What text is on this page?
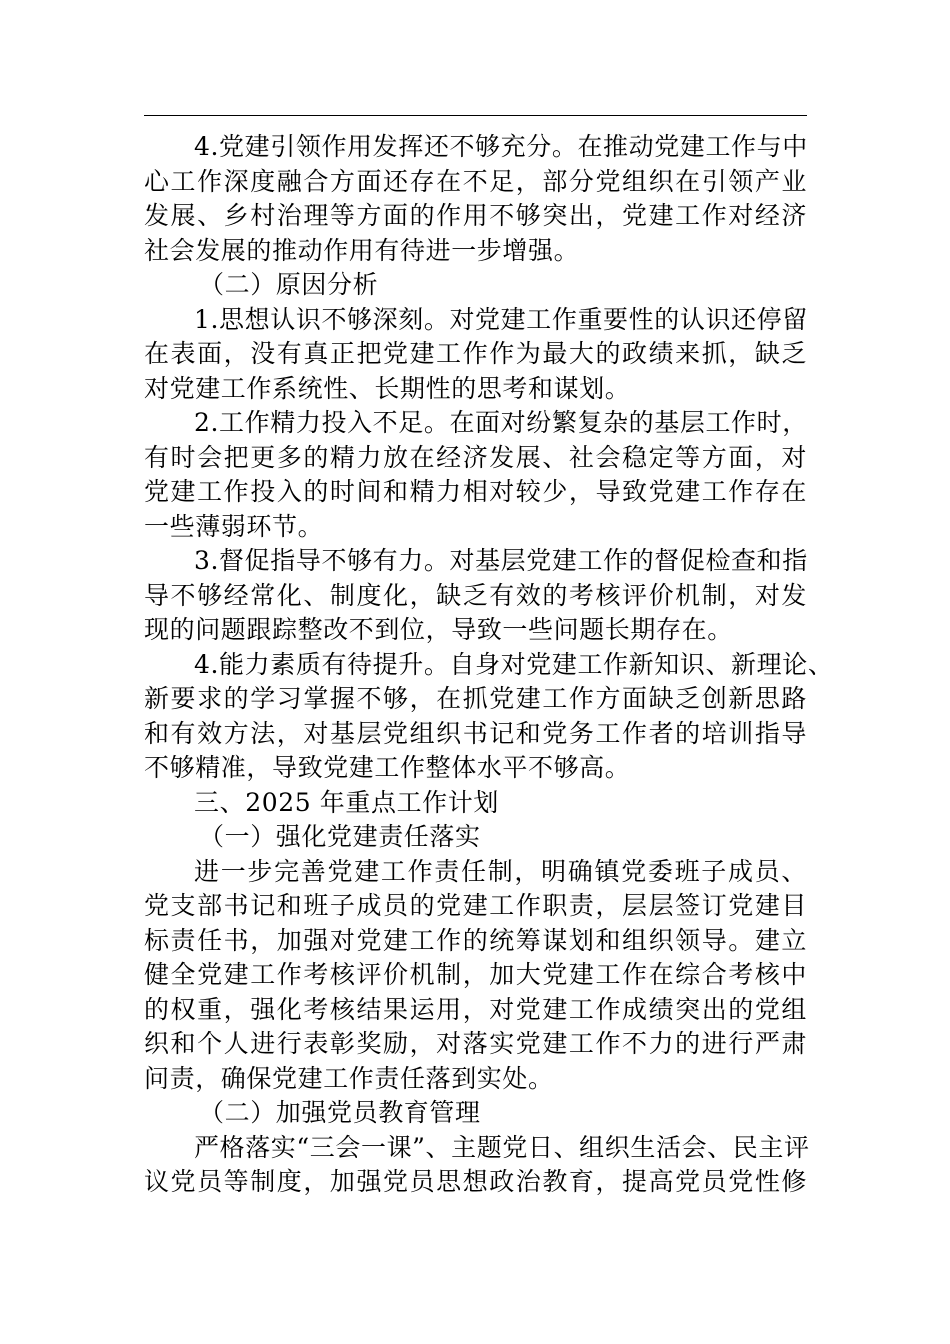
4.党建引领作用发挥还不够充分。在推动党建工作与中
心工作深度融合方面还存在不足，部分党组织在引领产业
发展、乡村治理等方面的作用不够突出，党建工作对经济
社会发展的推动作用有待进一步增强。

（二）原因分析

1.思想认识不够深刻。对党建工作重要性的认识还停留
在表面，没有真正把党建工作作为最大的政绩来抓，缺乏
对党建工作系统性、长期性的思考和谋划。

2.工作精力投入不足。在面对纷繁复杂的基层工作时，
有时会把更多的精力放在经济发展、社会稳定等方面，对
党建工作投入的时间和精力相对较少，导致党建工作存在
一些薄弱环节。

3.督促指导不够有力。对基层党建工作的督促检查和指
导不够经常化、制度化，缺乏有效的考核评价机制，对发
现的问题跟踪整改不到位，导致一些问题长期存在。

4.能力素质有待提升。自身对党建工作新知识、新理论、
新要求的学习掌握不够，在抓党建工作方面缺乏创新思路
和有效方法，对基层党组织书记和党务工作者的培训指导
不够精准，导致党建工作整体水平不够高。

三、2025 年重点工作计划

（一）强化党建责任落实

进一步完善党建工作责任制，明确镇党委班子成员、
党支部书记和班子成员的党建工作职责，层层签订党建目
标责任书，加强对党建工作的统筹谋划和组织领导。建立
健全党建工作考核评价机制，加大党建工作在综合考核中
的权重，强化考核结果运用，对党建工作成绩突出的党组
织和个人进行表彰奖励，对落实党建工作不力的进行严肃
问责，确保党建工作责任落到实处。

（二）加强党员教育管理

严格落实“三会一课”、主题党日、组织生活会、民主评
议党员等制度，加强党员思想政治教育，提高党员党性修
